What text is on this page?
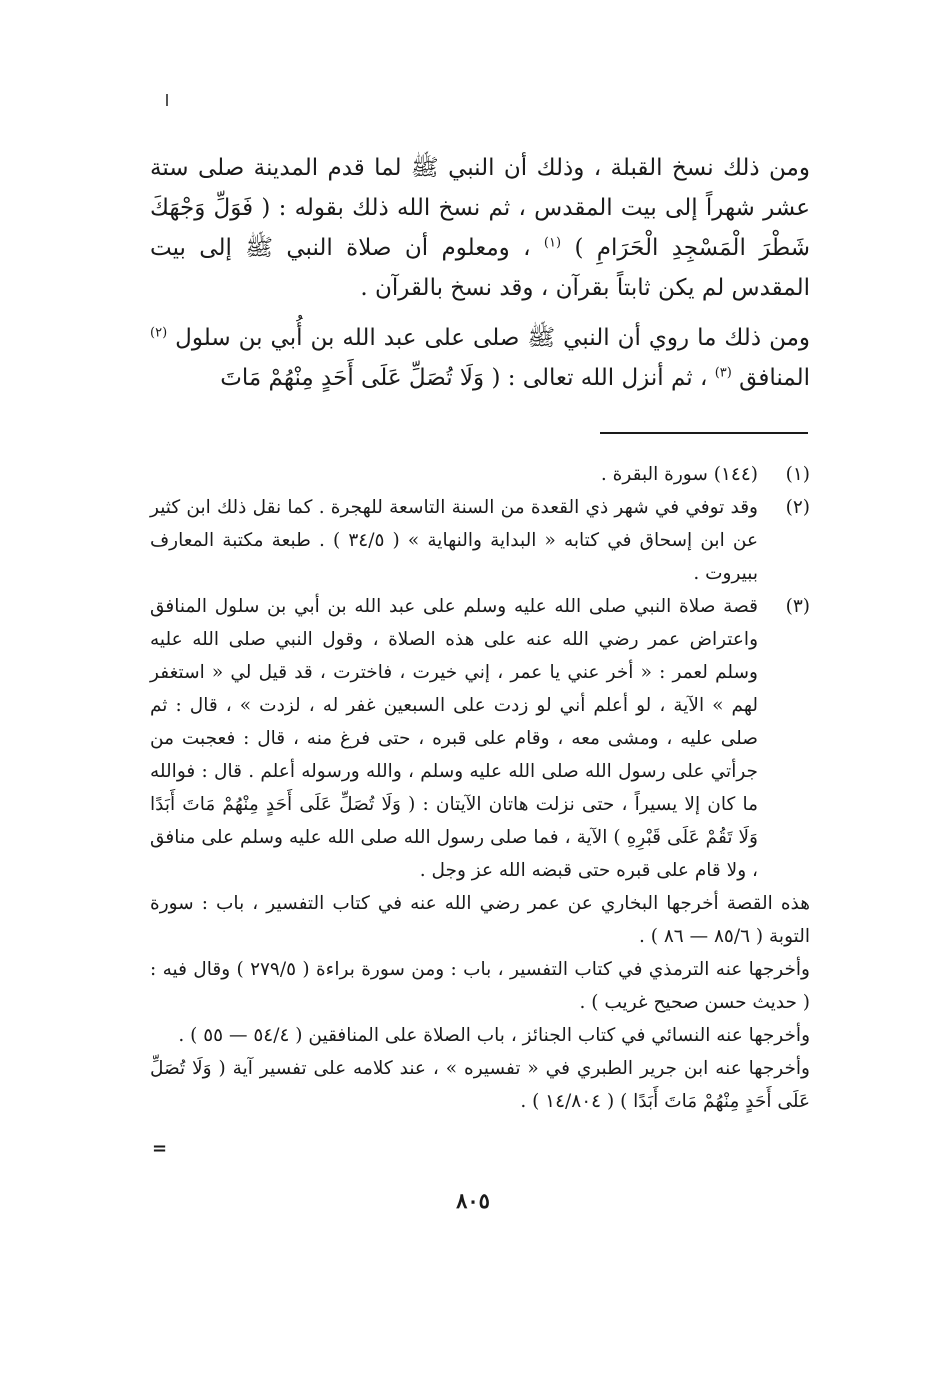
ومن ذلك نسخ القبلة ، وذلك أن النبي ﷺ لما قدم المدينة صلى ستة عشر شهراً إلى بيت المقدس ، ثم نسخ الله ذلك بقوله : ( فَوَلِّ وَجْهَكَ شَطْرَ الْمَسْجِدِ الْحَرَامِ ) $^{(١)}$ ، ومعلوم أن صلاة النبي ﷺ إلى بيت المقدس لم يكن ثابتاً بقرآن ، وقد نسخ بالقرآن .

ومن ذلك ما روي أن النبي ﷺ صلى على عبد الله بن أُبي بن سلول $^{(٢)}$ المنافق $^{(٣)}$ ، ثم أنزل الله تعالى : ( وَلَا تُصَلِّ عَلَى أَحَدٍ مِنْهُمْ مَاتَ

(١)
(١٤٤) سورة البقرة .
(٢)
وقد توفي في شهر ذي القعدة من السنة التاسعة للهجرة . كما نقل ذلك ابن كثير عن ابن إسحاق في كتابه « البداية والنهاية » ( ٣٤/٥ ) . طبعة مكتبة المعارف ببيروت .
(٣)
قصة صلاة النبي صلى الله عليه وسلم على عبد الله بن أبي بن سلول المنافق واعتراض عمر رضي الله عنه على هذه الصلاة ، وقول النبي صلى الله عليه وسلم لعمر : « أخر عني يا عمر ، إني خيرت ، فاخترت ، قد قيل لي « استغفر لهم » الآية ، لو أعلم أني لو زدت على السبعين غفر له ، لزدت » ، قال : ثم صلى عليه ، ومشى معه ، وقام على قبره ، حتى فرغ منه ، قال : فعجبت من جرأتي على رسول الله صلى الله عليه وسلم ، والله ورسوله أعلم . قال : فوالله ما كان إلا يسيراً ، حتى نزلت هاتان الآيتان : ( وَلَا تُصَلِّ عَلَى أَحَدٍ مِنْهُمْ مَاتَ أَبَدًا وَلَا تَقُمْ عَلَى قَبْرِهِ ) الآية ، فما صلى رسول الله صلى الله عليه وسلم على منافق ، ولا قام على قبره حتى قبضه الله عز وجل .

هذه القصة أخرجها البخاري عن عمر رضي الله عنه في كتاب التفسير ، باب : سورة التوبة ( ٨٥/٦ — ٨٦ ) .

وأخرجها عنه الترمذي في كتاب التفسير ، باب : ومن سورة براءة ( ٢٧٩/٥ ) وقال فيه : ( حديث حسن صحيح غريب ) .

وأخرجها عنه النسائي في كتاب الجنائز ، باب الصلاة على المنافقين ( ٥٤/٤ — ٥٥ ) .

وأخرجها عنه ابن جرير الطبري في « تفسيره » ، عند كلامه على تفسير آية ( وَلَا تُصَلِّ عَلَى أَحَدٍ مِنْهُمْ مَاتَ أَبَدًا ) ( ١٤/٨٠٤ ) .

=
٨٠٥
